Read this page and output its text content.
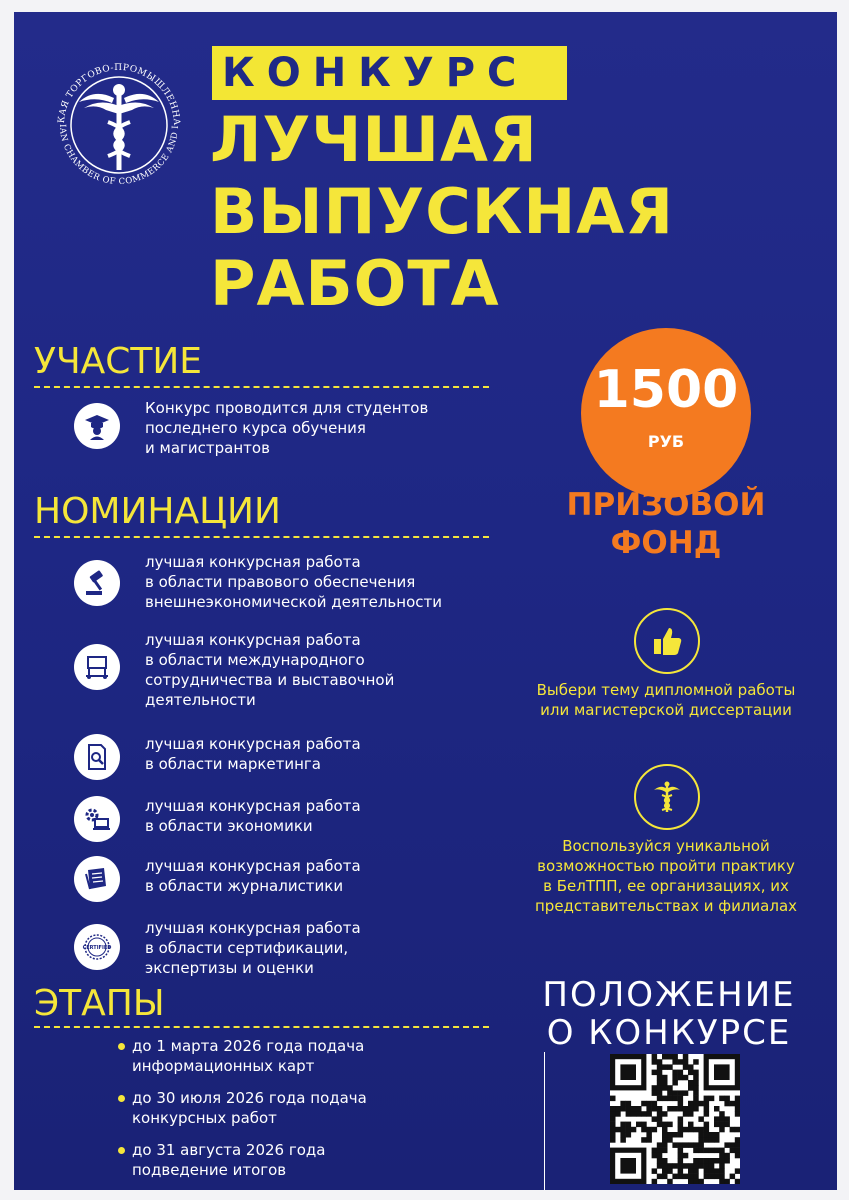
КАЯ ТОРГОВО-ПРОМЫШЛЕННА
IAN CHAMBER OF COMMERCE AND I
КОНКУРС
ЛУЧШАЯ
ВЫПУСКНАЯ
РАБОТА
УЧАСТИЕ
Конкурс проводится для студентов
последнего курса обучения
и магистрантов
НОМИНАЦИИ
лучшая конкурсная работа
в области правового обеспечения
внешнеэкономической деятельности
лучшая конкурсная работа
в области международного
сотрудничества и выставочной
деятельности
лучшая конкурсная работа
в области маркетинга
лучшая конкурсная работа
в области экономики
лучшая конкурсная работа
в области журналистики
CERTIFIED
лучшая конкурсная работа
в области сертификации,
экспертизы и оценки
ЭТАПЫ
до 1 марта 2026 года подача
информационных карт
до 30 июля 2026 года подача
конкурсных работ
до 31 августа 2026 года
подведение итогов
1500
РУБ
ПРИЗОВОЙ
ФОНД
Выбери тему дипломной работы
или магистерской диссертации
Воспользуйся уникальной
возможностью пройти практику
в БелТПП, ее организациях, их
представительствах и филиалах
ПОЛОЖЕНИЕ
О КОНКУРСЕ
